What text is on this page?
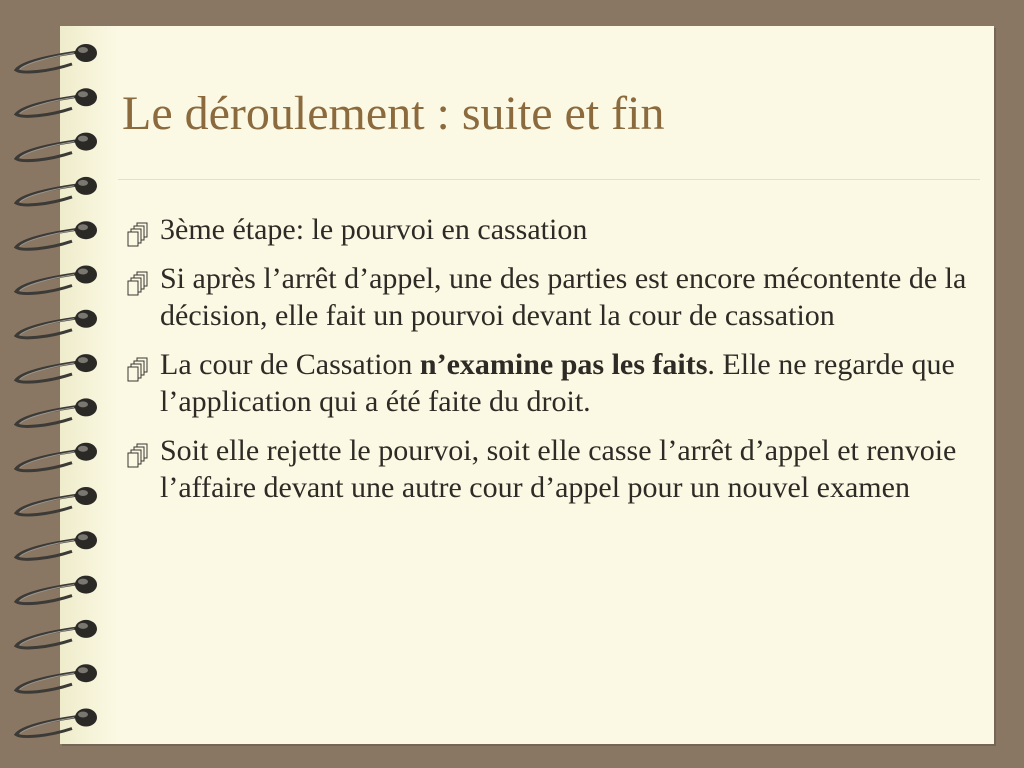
Le déroulement : suite et fin
3ème étape: le pourvoi en cassation
Si après l’arrêt d’appel, une des parties est encore mécontente de la décision, elle fait un pourvoi devant la cour de cassation
La cour de Cassation n’examine pas les faits. Elle ne regarde que l’application qui a été faite du droit.
Soit elle rejette le pourvoi, soit elle casse l’arrêt d’appel et renvoie l’affaire devant une autre cour d’appel pour un nouvel examen
